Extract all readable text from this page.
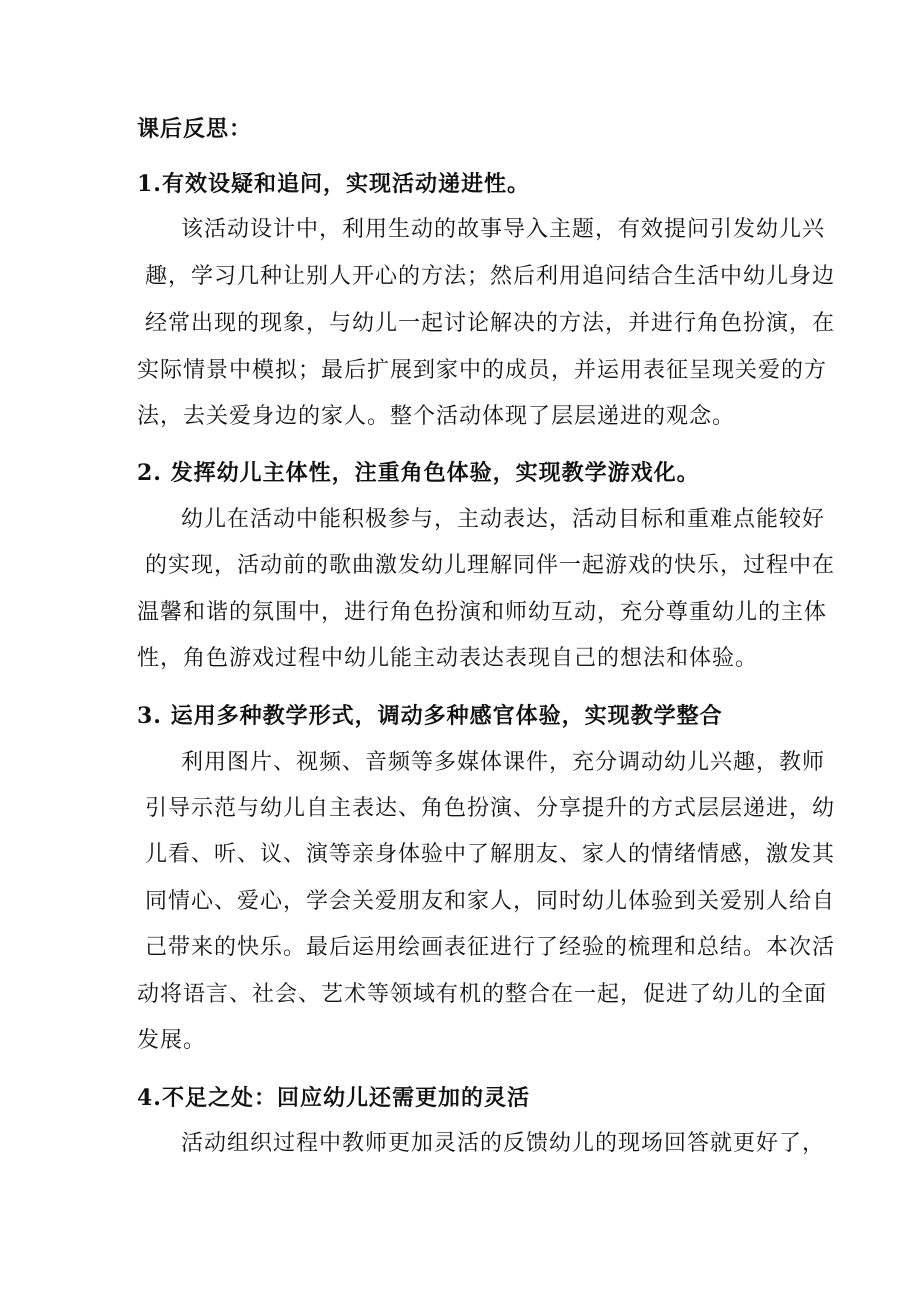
课后反思：
1.有效设疑和追问，实现活动递进性。
该活动设计中，利用生动的故事导入主题，有效提问引发幼儿兴
趣，学习几种让别人开心的方法；然后利用追问结合生活中幼儿身边
经常出现的现象，与幼儿一起讨论解决的方法，并进行角色扮演，在
实际情景中模拟；最后扩展到家中的成员，并运用表征呈现关爱的方
法，去关爱身边的家人。整个活动体现了层层递进的观念。
2. 发挥幼儿主体性，注重角色体验，实现教学游戏化。
幼儿在活动中能积极参与，主动表达，活动目标和重难点能较好
的实现，活动前的歌曲激发幼儿理解同伴一起游戏的快乐，过程中在
温馨和谐的氛围中，进行角色扮演和师幼互动，充分尊重幼儿的主体
性，角色游戏过程中幼儿能主动表达表现自己的想法和体验。
3. 运用多种教学形式，调动多种感官体验，实现教学整合
利用图片、视频、音频等多媒体课件，充分调动幼儿兴趣，教师
引导示范与幼儿自主表达、角色扮演、分享提升的方式层层递进，幼
儿看、听、议、演等亲身体验中了解朋友、家人的情绪情感，激发其
同情心、爱心，学会关爱朋友和家人，同时幼儿体验到关爱别人给自
己带来的快乐。最后运用绘画表征进行了经验的梳理和总结。本次活
动将语言、社会、艺术等领域有机的整合在一起，促进了幼儿的全面
发展。
4.不足之处：回应幼儿还需更加的灵活
活动组织过程中教师更加灵活的反馈幼儿的现场回答就更好了，
